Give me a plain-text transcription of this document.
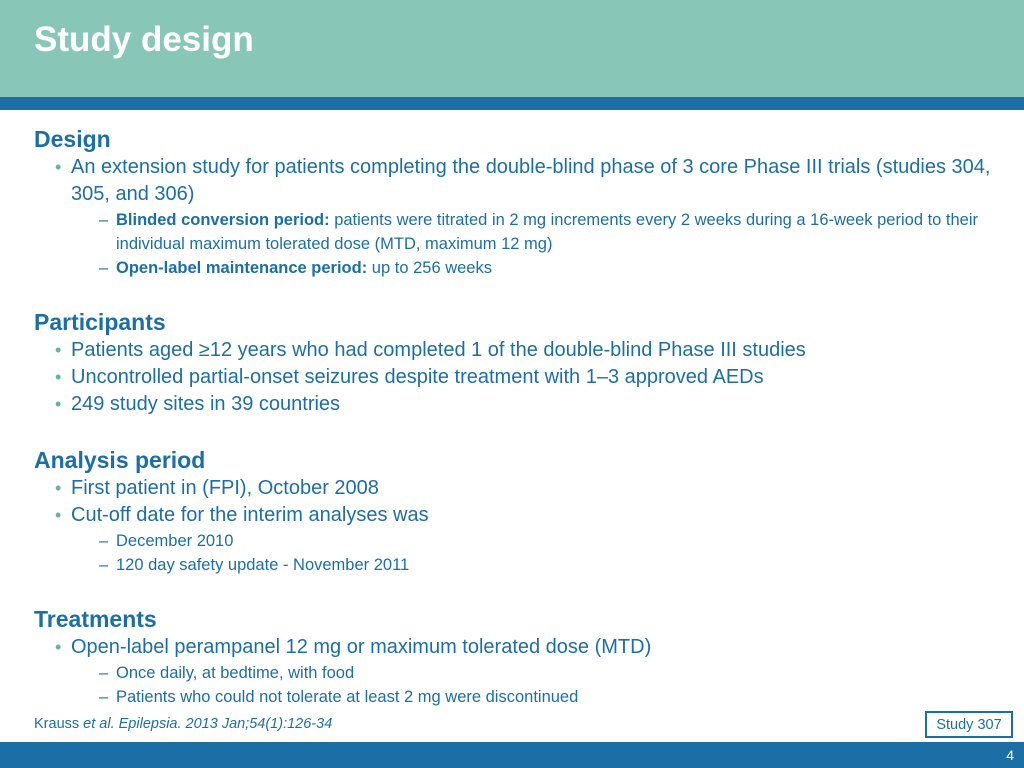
Study design
Design
• An extension study for patients completing the double-blind phase of 3 core Phase III trials (studies 304, 305, and 306)
– Blinded conversion period: patients were titrated in 2 mg increments every 2 weeks during a 16-week period to their individual maximum tolerated dose (MTD, maximum 12 mg)
– Open-label maintenance period: up to 256 weeks
Participants
• Patients aged ≥12 years who had completed 1 of the double-blind Phase III studies
• Uncontrolled partial-onset seizures despite treatment with 1–3 approved AEDs
• 249 study sites in 39 countries
Analysis period
• First patient in (FPI), October 2008
• Cut-off date for the interim analyses was
– December 2010
– 120 day safety update - November 2011
Treatments
• Open-label perampanel 12 mg or maximum tolerated dose (MTD)
– Once daily, at bedtime, with food
– Patients who could not tolerate at least 2 mg were discontinued
Krauss et al. Epilepsia. 2013 Jan;54(1):126-34	Study 307
4
